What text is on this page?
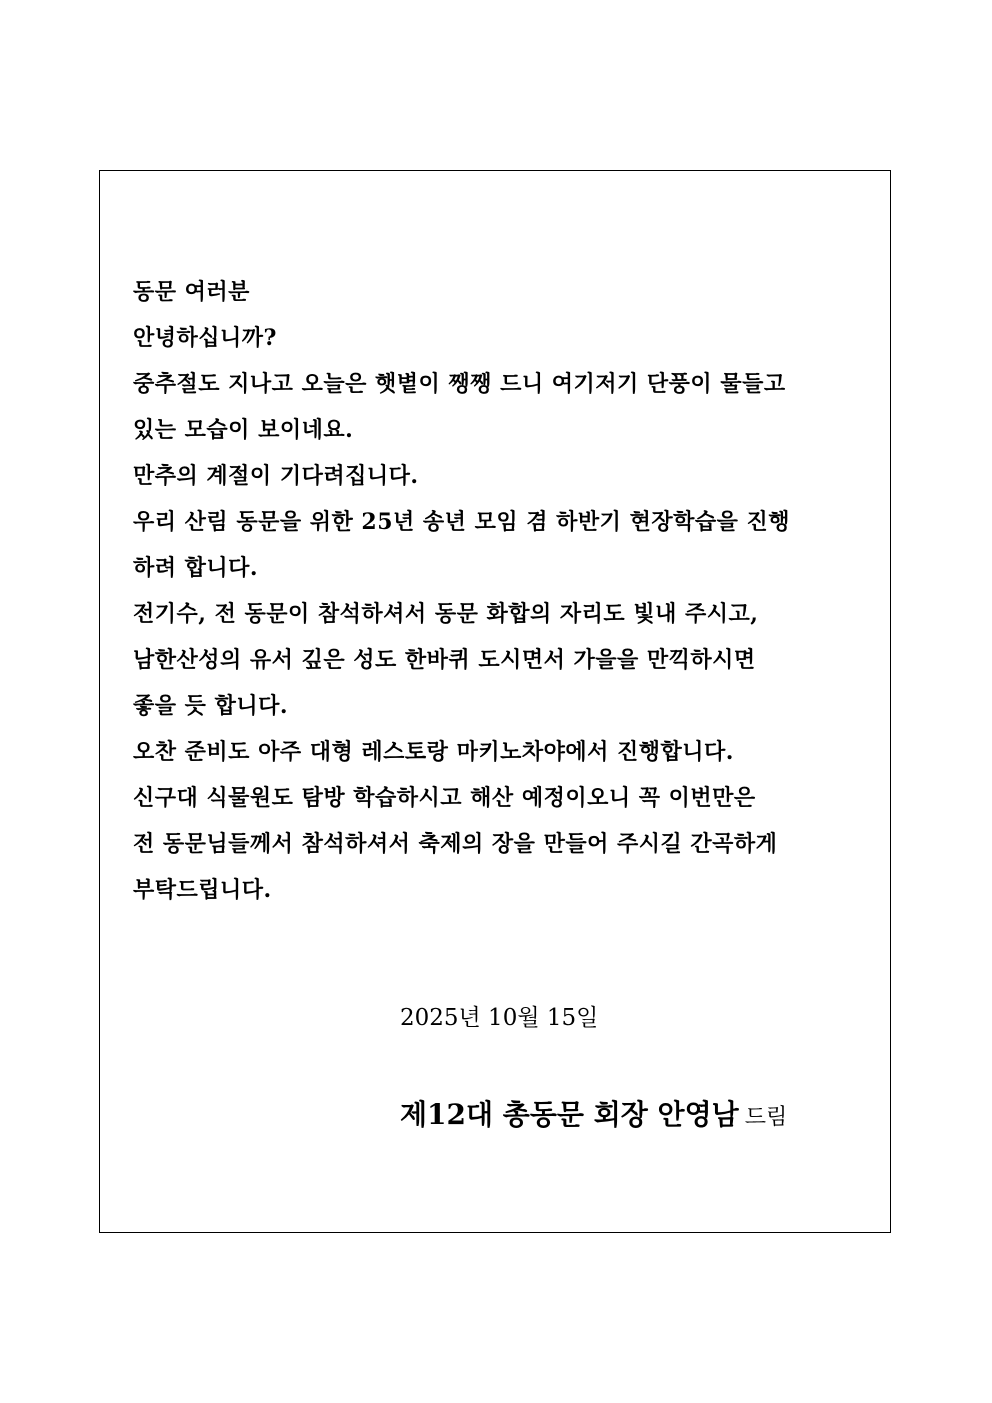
동문 여러분
안녕하십니까?
중추절도 지나고 오늘은 햇볕이 쨍쨍 드니 여기저기 단풍이 물들고
있는 모습이 보이네요.
만추의 계절이 기다려집니다.
우리 산림 동문을 위한 25년 송년 모임 겸 하반기 현장학습을 진행
하려 합니다.
전기수, 전 동문이 참석하셔서 동문 화합의 자리도 빛내 주시고,
남한산성의 유서 깊은 성도 한바퀴 도시면서 가을을 만끽하시면
좋을 듯 합니다.
오찬 준비도 아주 대형 레스토랑 마키노차야에서 진행합니다.
신구대 식물원도 탐방 학습하시고 해산 예정이오니 꼭 이번만은
전 동문님들께서 참석하셔서 축제의 장을 만들어 주시길 간곡하게
부탁드립니다.
2025년 10월 15일
제12대 총동문 회장 안영남 드림
